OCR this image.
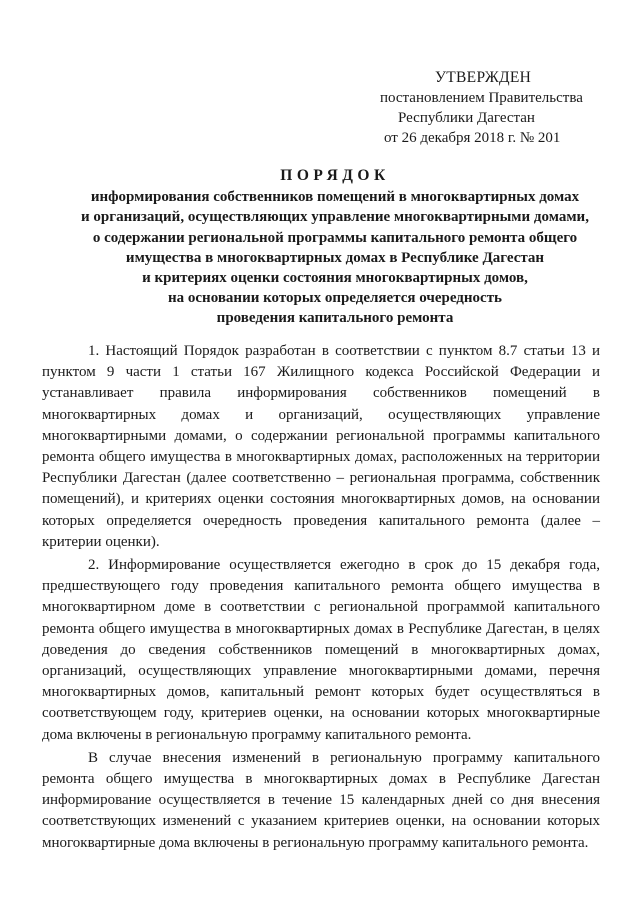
УТВЕРЖДЕН
постановлением Правительства
Республики Дагестан
от 26 декабря 2018 г. № 201
ПОРЯДОК
информирования собственников помещений в многоквартирных домах
и организаций, осуществляющих управление многоквартирными домами,
о содержании региональной программы капитального ремонта общего
имущества в многоквартирных домах в Республике Дагестан
и критериях оценки состояния многоквартирных домов,
на основании которых определяется очередность
проведения капитального ремонта

1. Настоящий Порядок разработан в соответствии с пунктом 8.7 статьи 13 и пунктом 9 части 1 статьи 167 Жилищного кодекса Российской Федерации и устанавливает правила информирования собственников помещений в многоквартирных домах и организаций, осуществляющих управление многоквартирными домами, о содержании региональной программы капитального ремонта общего имущества в многоквартирных домах, расположенных на территории Республики Дагестан (далее соответственно – региональная программа, собственник помещений), и критериях оценки состояния многоквартирных домов, на основании которых определяется очередность проведения капитального ремонта (далее – критерии оценки).

2. Информирование осуществляется ежегодно в срок до 15 декабря года, предшествующего году проведения капитального ремонта общего имущества в многоквартирном доме в соответствии с региональной программой капитального ремонта общего имущества в многоквартирных домах в Республике Дагестан, в целях доведения до сведения собственников помещений в многоквартирных домах, организаций, осуществляющих управление многоквартирными домами, перечня многоквартирных домов, капитальный ремонт которых будет осуществляться в соответствующем году, критериев оценки, на основании которых многоквартирные дома включены в региональную программу капитального ремонта.

В случае внесения изменений в региональную программу капитального ремонта общего имущества в многоквартирных домах в Республике Дагестан информирование осуществляется в течение 15 календарных дней со дня внесения соответствующих изменений с указанием критериев оценки, на основании которых многоквартирные дома включены в региональную программу капитального ремонта.
